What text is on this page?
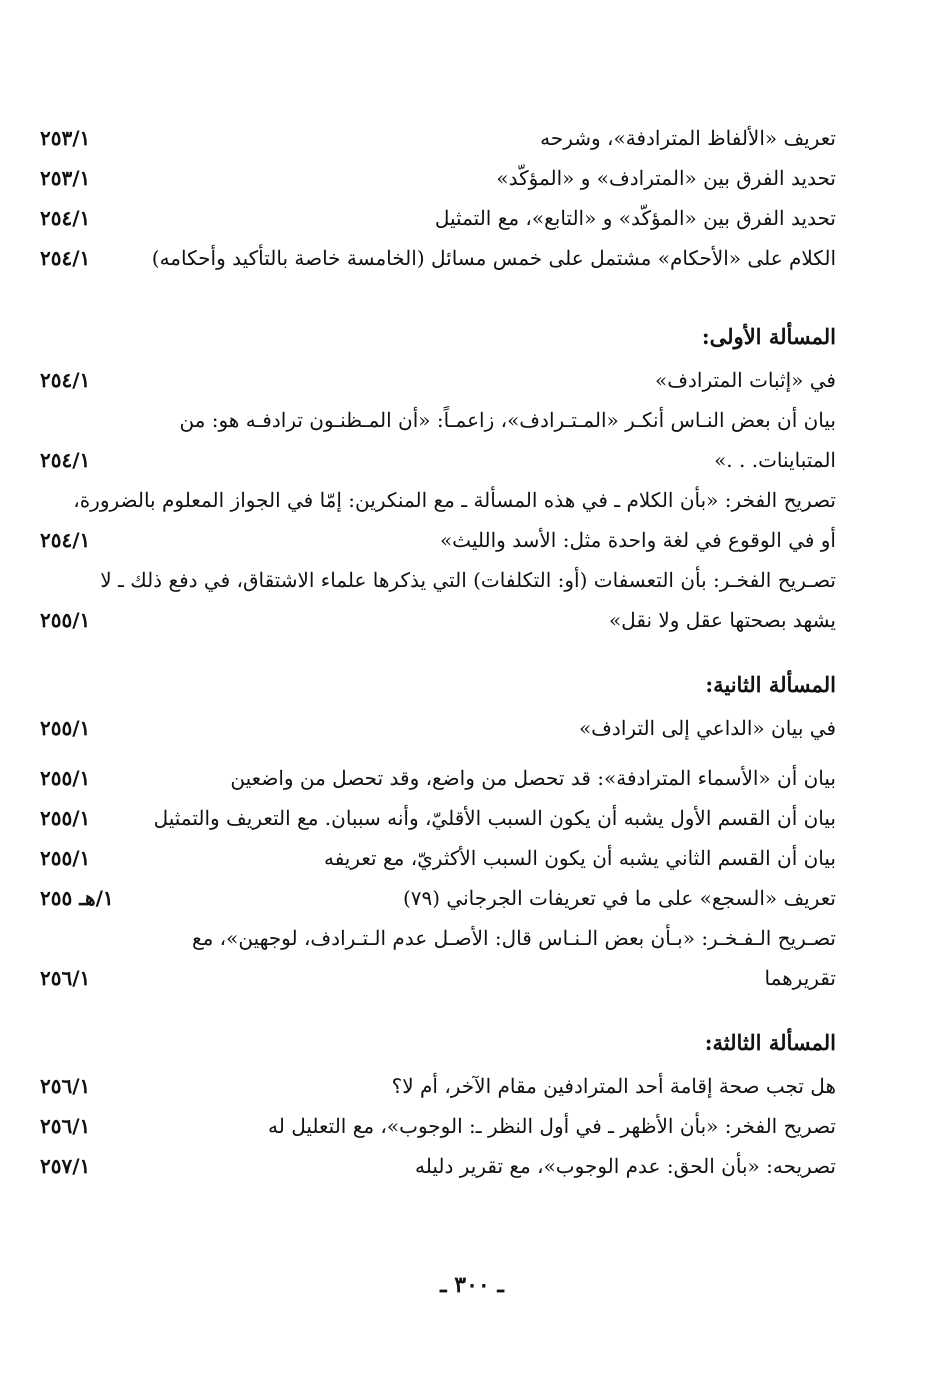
تعريف «الألفاظ المترادفة»، وشرحه
٢٥٣/١
تحديد الفرق بين «المترادف» و «المؤكّد»
٢٥٣/١
تحديد الفرق بين «المؤكّد» و «التابع»، مع التمثيل
٢٥٤/١
الكلام على «الأحكام» مشتمل على خمس مسائل (الخامسة خاصة بالتأكيد وأحكامه)
٢٥٤/١
المسألة الأولى:
في «إثبات المترادف»
٢٥٤/١
بيان أن بعض النـاس أنكـر «المـتـرادف»، زاعمـاً: «أن المـظنـون ترادفـه هو: من
المتباينات. . .»
٢٥٤/١
تصريح الفخر: «بأن الكلام ـ في هذه المسألة ـ مع المنكرين: إمّا في الجواز المعلوم بالضرورة،
أو في الوقوع في لغة واحدة مثل: الأسد والليث»
٢٥٤/١
تصـريح الفخـر: بأن التعسفات (أو: التكلفات) التي يذكرها علماء الاشتقاق، في دفع ذلك ـ لا
يشهد بصحتها عقل ولا نقل»
٢٥٥/١
المسألة الثانية:
في بيان «الداعي إلى الترادف»
٢٥٥/١
بيان أن «الأسماء المترادفة»: قد تحصل من واضع، وقد تحصل من واضعين
٢٥٥/١
بيان أن القسم الأول يشبه أن يكون السبب الأقليّ، وأنه سببان. مع التعريف والتمثيل
٢٥٥/١
بيان أن القسم الثاني يشبه أن يكون السبب الأكثريّ، مع تعريفه
٢٥٥/١
تعريف «السجع» على ما في تعريفات الجرجاني (٧٩)
١/هـ ٢٥٥
تصـريح الـفـخـر: «بـأن بعض الـنـاس قال: الأصـل عدم الـتـرادف، لوجهين»، مع
تقريرهما
٢٥٦/١
المسألة الثالثة:
هل تجب صحة إقامة أحد المترادفين مقام الآخر، أم لا؟
٢٥٦/١
تصريح الفخر: «بأن الأظهر ـ في أول النظر ـ: الوجوب»، مع التعليل له
٢٥٦/١
تصريحه: «بأن الحق: عدم الوجوب»، مع تقرير دليله
٢٥٧/١
ـ ٣٠٠ ـ
